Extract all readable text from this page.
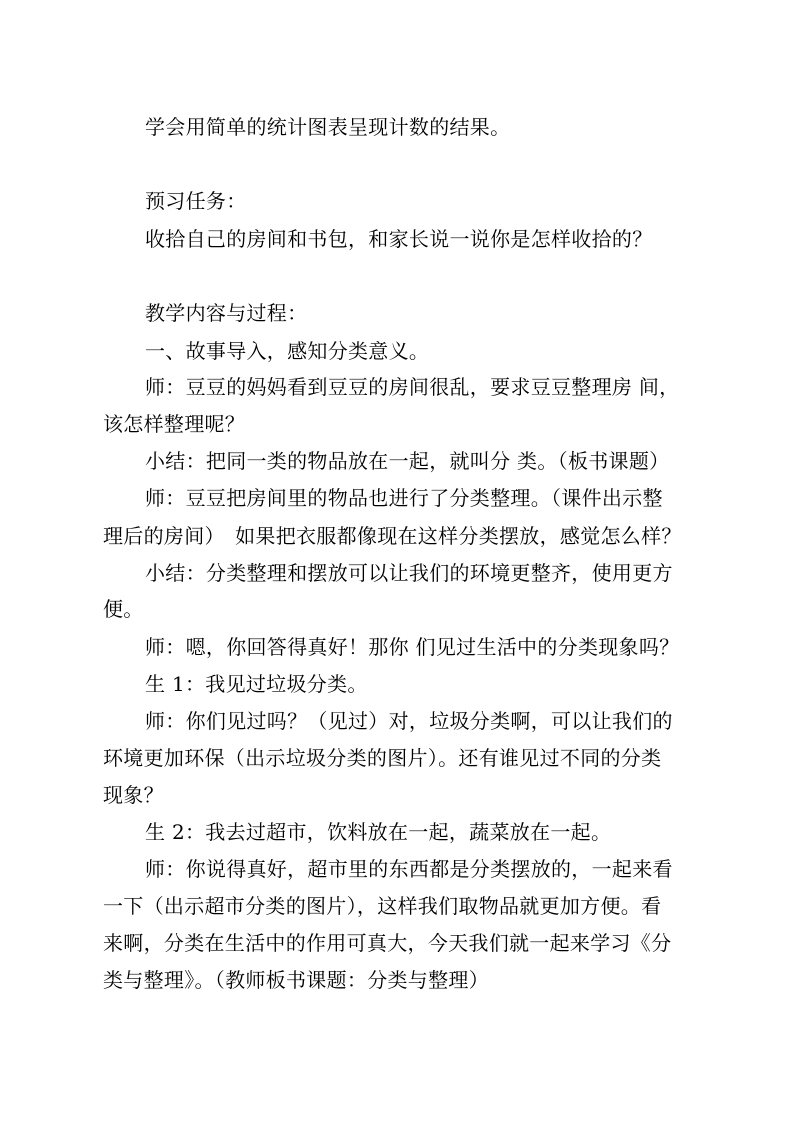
学会用简单的统计图表呈现计数的结果。
预习任务：
收拾自己的房间和书包，和家长说一说你是怎样收拾的？
教学内容与过程：
一、故事导入，感知分类意义。
师：豆豆的妈妈看到豆豆的房间很乱，要求豆豆整理房 间，
该怎样整理呢？
小结：把同一类的物品放在一起，就叫分 类。（板书课题）
师：豆豆把房间里的物品也进行了分类整理。（课件出示整
理后的房间）　如果把衣服都像现在这样分类摆放，感觉怎么样？
小结：分类整理和摆放可以让我们的环境更整齐，使用更方
便。
师：嗯，你回答得真好！那你 们见过生活中的分类现象吗？
生 1：我见过垃圾分类。
师：你们见过吗？（见过）对，垃圾分类啊，可以让我们的
环境更加环保（出示垃圾分类的图片）。还有谁见过不同的分类
现象？
生 2：我去过超市，饮料放在一起，蔬菜放在一起。
师：你说得真好，超市里的东西都是分类摆放的，一起来看
一下（出示超市分类的图片），这样我们取物品就更加方便。看
来啊，分类在生活中的作用可真大，今天我们就一起来学习《分
类与整理》。（教师板书课题：分类与整理）
